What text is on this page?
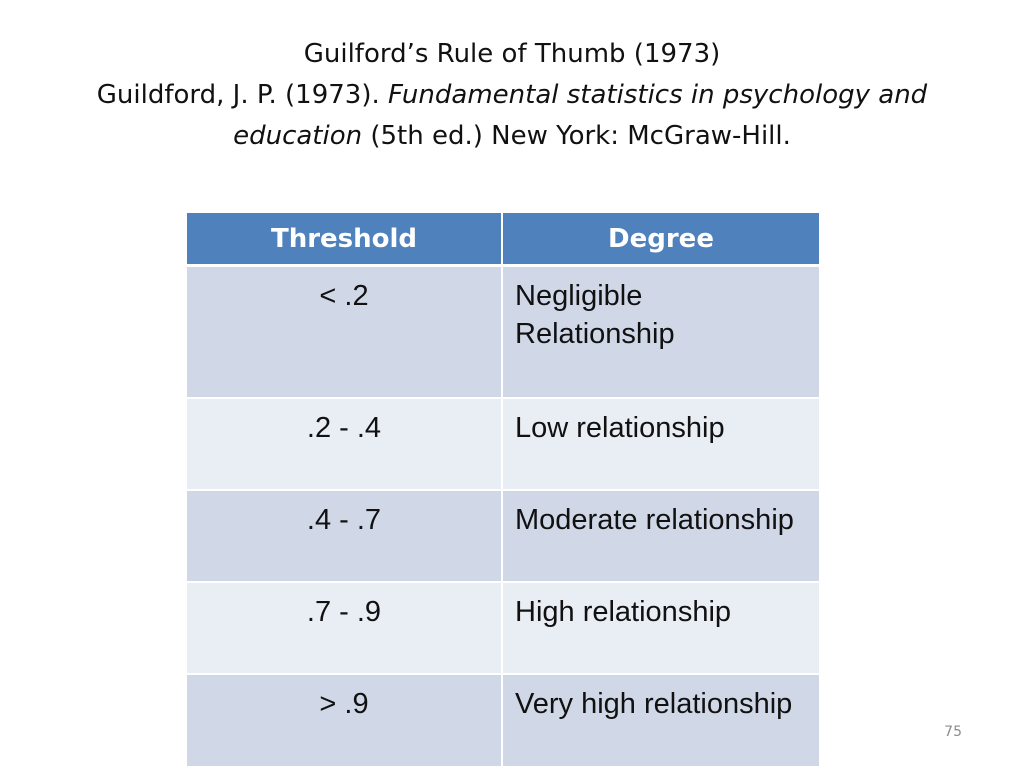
Guilford’s Rule of Thumb (1973)
Guildford, J. P. (1973). Fundamental statistics in psychology and
education (5th ed.) New York: McGraw-Hill.
Threshold	Degree
< .2	Negligible Relationship
.2 - .4	Low relationship
.4 - .7	Moderate relationship
.7 - .9	High relationship
> .9	Very high relationship
75
